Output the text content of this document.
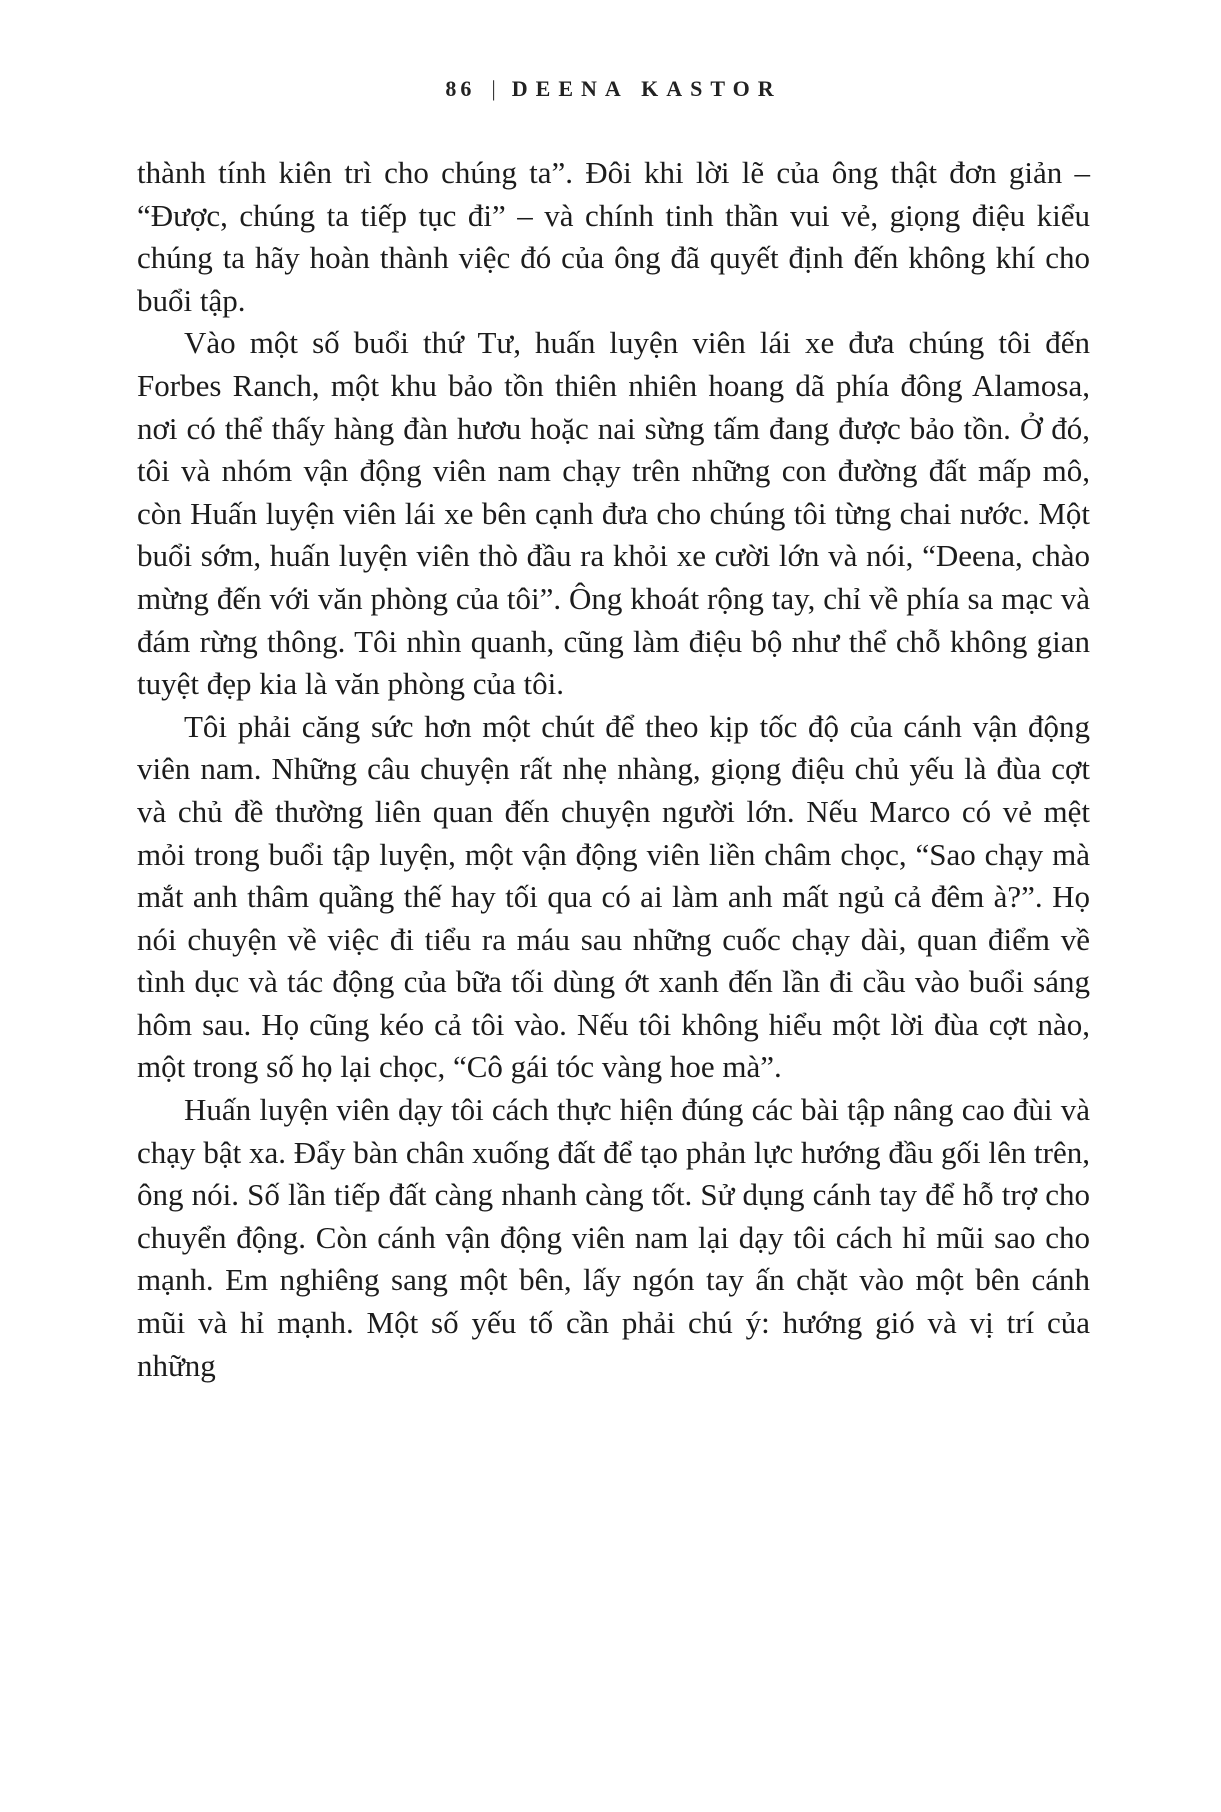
86 | DEENA KASTOR

thành tính kiên trì cho chúng ta”. Đôi khi lời lẽ của ông thật đơn giản – “Được, chúng ta tiếp tục đi” – và chính tinh thần vui vẻ, giọng điệu kiểu chúng ta hãy hoàn thành việc đó của ông đã quyết định đến không khí cho buổi tập.

Vào một số buổi thứ Tư, huấn luyện viên lái xe đưa chúng tôi đến Forbes Ranch, một khu bảo tồn thiên nhiên hoang dã phía đông Alamosa, nơi có thể thấy hàng đàn hươu hoặc nai sừng tấm đang được bảo tồn. Ở đó, tôi và nhóm vận động viên nam chạy trên những con đường đất mấp mô, còn Huấn luyện viên lái xe bên cạnh đưa cho chúng tôi từng chai nước. Một buổi sớm, huấn luyện viên thò đầu ra khỏi xe cười lớn và nói, “Deena, chào mừng đến với văn phòng của tôi”. Ông khoát rộng tay, chỉ về phía sa mạc và đám rừng thông. Tôi nhìn quanh, cũng làm điệu bộ như thể chỗ không gian tuyệt đẹp kia là văn phòng của tôi.

Tôi phải căng sức hơn một chút để theo kịp tốc độ của cánh vận động viên nam. Những câu chuyện rất nhẹ nhàng, giọng điệu chủ yếu là đùa cợt và chủ đề thường liên quan đến chuyện người lớn. Nếu Marco có vẻ mệt mỏi trong buổi tập luyện, một vận động viên liền châm chọc, “Sao chạy mà mắt anh thâm quầng thế hay tối qua có ai làm anh mất ngủ cả đêm à?”. Họ nói chuyện về việc đi tiểu ra máu sau những cuốc chạy dài, quan điểm về tình dục và tác động của bữa tối dùng ớt xanh đến lần đi cầu vào buổi sáng hôm sau. Họ cũng kéo cả tôi vào. Nếu tôi không hiểu một lời đùa cợt nào, một trong số họ lại chọc, “Cô gái tóc vàng hoe mà”.

Huấn luyện viên dạy tôi cách thực hiện đúng các bài tập nâng cao đùi và chạy bật xa. Đẩy bàn chân xuống đất để tạo phản lực hướng đầu gối lên trên, ông nói. Số lần tiếp đất càng nhanh càng tốt. Sử dụng cánh tay để hỗ trợ cho chuyển động. Còn cánh vận động viên nam lại dạy tôi cách hỉ mũi sao cho mạnh. Em nghiêng sang một bên, lấy ngón tay ấn chặt vào một bên cánh mũi và hỉ mạnh. Một số yếu tố cần phải chú ý: hướng gió và vị trí của những
